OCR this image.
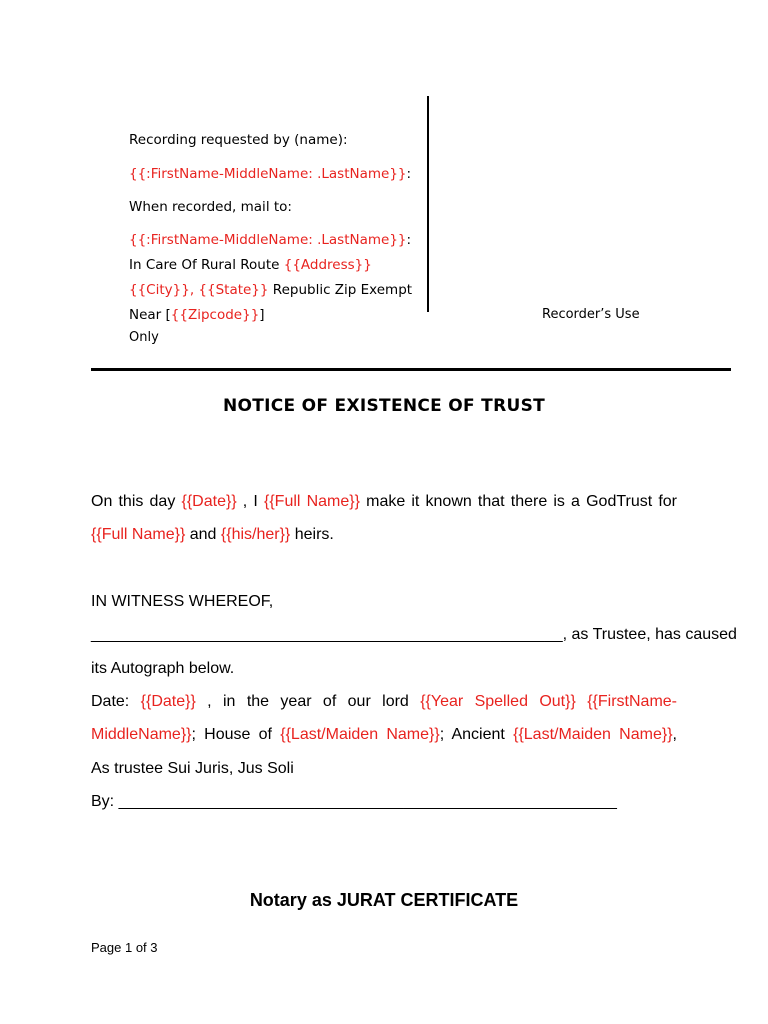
Recording requested by (name):
{{:FirstName-MiddleName: .LastName}}:
When recorded, mail to:
{{:FirstName-MiddleName: .LastName}}:
In Care Of Rural Route {{Address}}
{{City}}, {{State}} Republic Zip Exempt
Near [{{Zipcode}}]
Only
Recorder’s Use
NOTICE OF EXISTENCE OF TRUST
On this day {{Date}} , I {{Full Name}} make it known that there is a GodTrust for
{{Full Name}} and {{his/her}} heirs.
IN WITNESS WHEREOF,
_____________________________________________________, as Trustee, has caused
its Autograph below.
Date: {{Date}} , in the year of our lord {{Year Spelled Out}} {{FirstName-
MiddleName}}; House of {{Last/Maiden Name}}; Ancient {{Last/Maiden Name}},
As trustee Sui Juris, Jus Soli
By: ________________________________________________________
Notary as JURAT CERTIFICATE
Page 1 of 3
